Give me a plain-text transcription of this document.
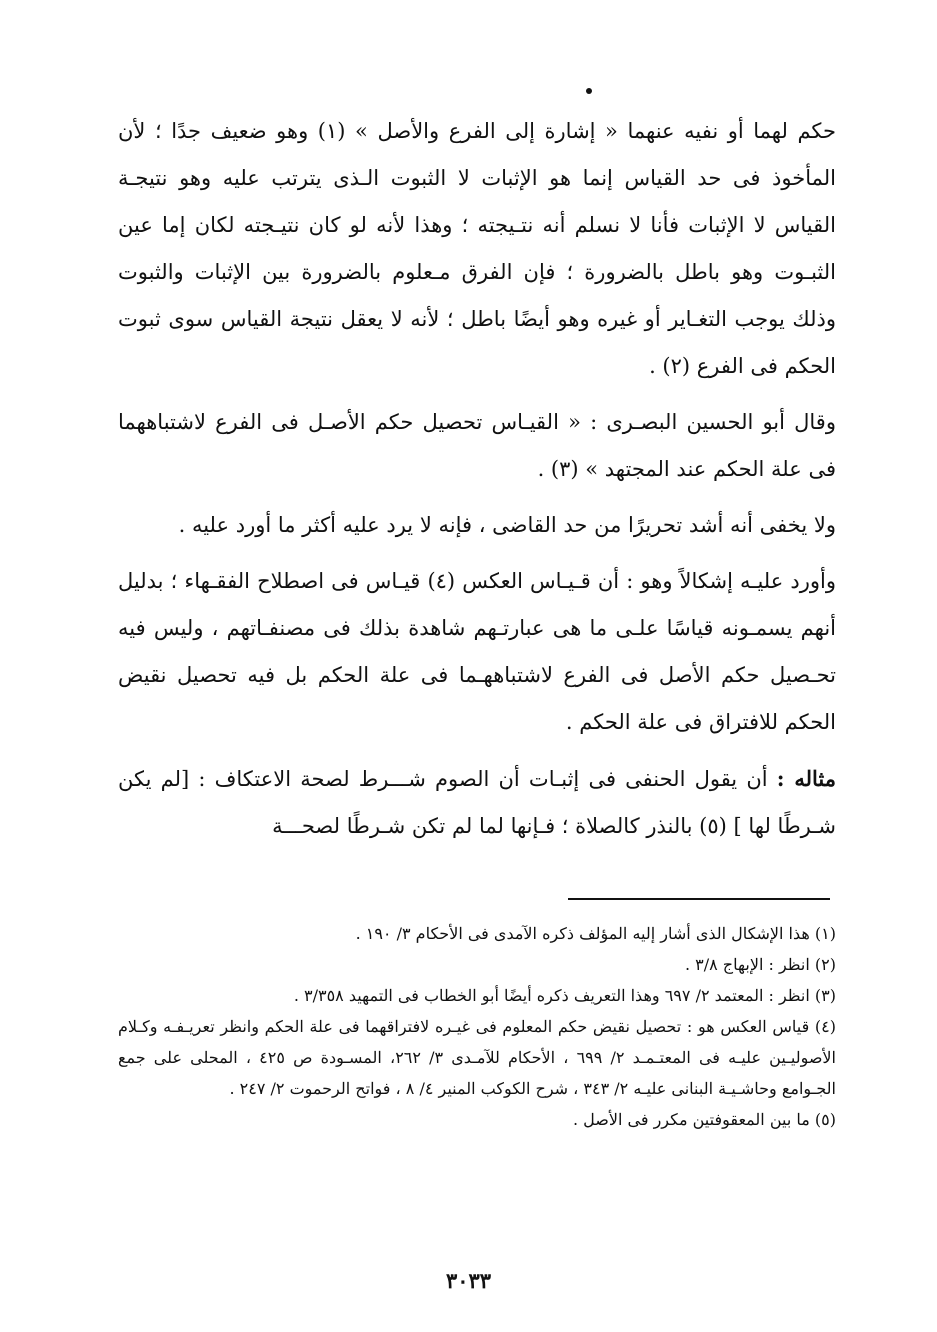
حكم لهما أو نفيه عنهما « إشارة إلى الفرع والأصل » (١) وهو ضعيف جدًا ؛ لأن المأخوذ فى حد القياس إنما هو الإثبات لا الثبوت الـذى يترتب عليه وهو نتيجـة القياس لا الإثبات فأنا لا نسلم أنه نتـيجته ؛ وهذا لأنه لو كان نتيـجته لكان إما عين الثبـوت وهو باطل بالضرورة ؛ فإن الفرق مـعلوم بالضرورة بين الإثبات والثبوت وذلك يوجب التغـاير أو غيره وهو أيضًا باطل ؛ لأنه لا يعقل نتيجة القياس سوى ثبوت الحكم فى الفرع (٢) .

وقال أبو الحسين البصـرى : « القيـاس تحصيل حكم الأصـل فى الفرع لاشتباههما فى علة الحكم عند المجتهد » (٣) .

ولا يخفى أنه أشد تحريرًا من حد القاضى ، فإنه لا يرد عليه أكثر ما أورد عليه .

وأورد عليـه إشكالاً وهو : أن قـيـاس العكس (٤) قيـاس فى اصطلاح الفقـهاء ؛ بدليل أنهم يسمـونه قياسًا علـى ما هى عبارتـهم شاهدة بذلك فى مصنفـاتهم ، وليس فيه تحـصيل حكم الأصل فى الفرع لاشتباههـما فى علة الحكم بل فيه تحصيل نقيض الحكم للافتراق فى علة الحكم .

مثاله : أن يقول الحنفى فى إثبـات أن الصوم شـــرط لصحة الاعتكاف : [لم يكن شـرطًا لها ] (٥) بالنذر كالصلاة ؛ فـإنها لما لم تكن شـرطًا لصحـــة

(١) هذا الإشكال الذى أشار إليه المؤلف ذكره الآمدى فى الأحكام ٣/ ١٩٠ .

(٢) انظر : الإبهاج ٣/٨ .

(٣) انظر : المعتمد ٢/ ٦٩٧ وهذا التعريف ذكره أيضًا أبو الخطاب فى التمهيد ٣/٣٥٨ .

(٤) قياس العكس هو : تحصيل نقيض حكم المعلوم فى غيـره لافتراقهما فى علة الحكم وانظر تعريـفـه وكـلام الأصوليـين عليـه فى المعتـمـد ٢/ ٦٩٩ ، الأحكام للآمـدى ٣/ ٢٦٢، المسـودة ص ٤٢٥ ، المحلى على جمع الجـوامع وحاشـيـة البنانى عليـه ٢/ ٣٤٣ ، شرح الكوكب المنير ٤/ ٨ ، فواتح الرحموت ٢/ ٢٤٧ .

(٥) ما بين المعقوفتين مكرر فى الأصل .

٣٠٣٣
